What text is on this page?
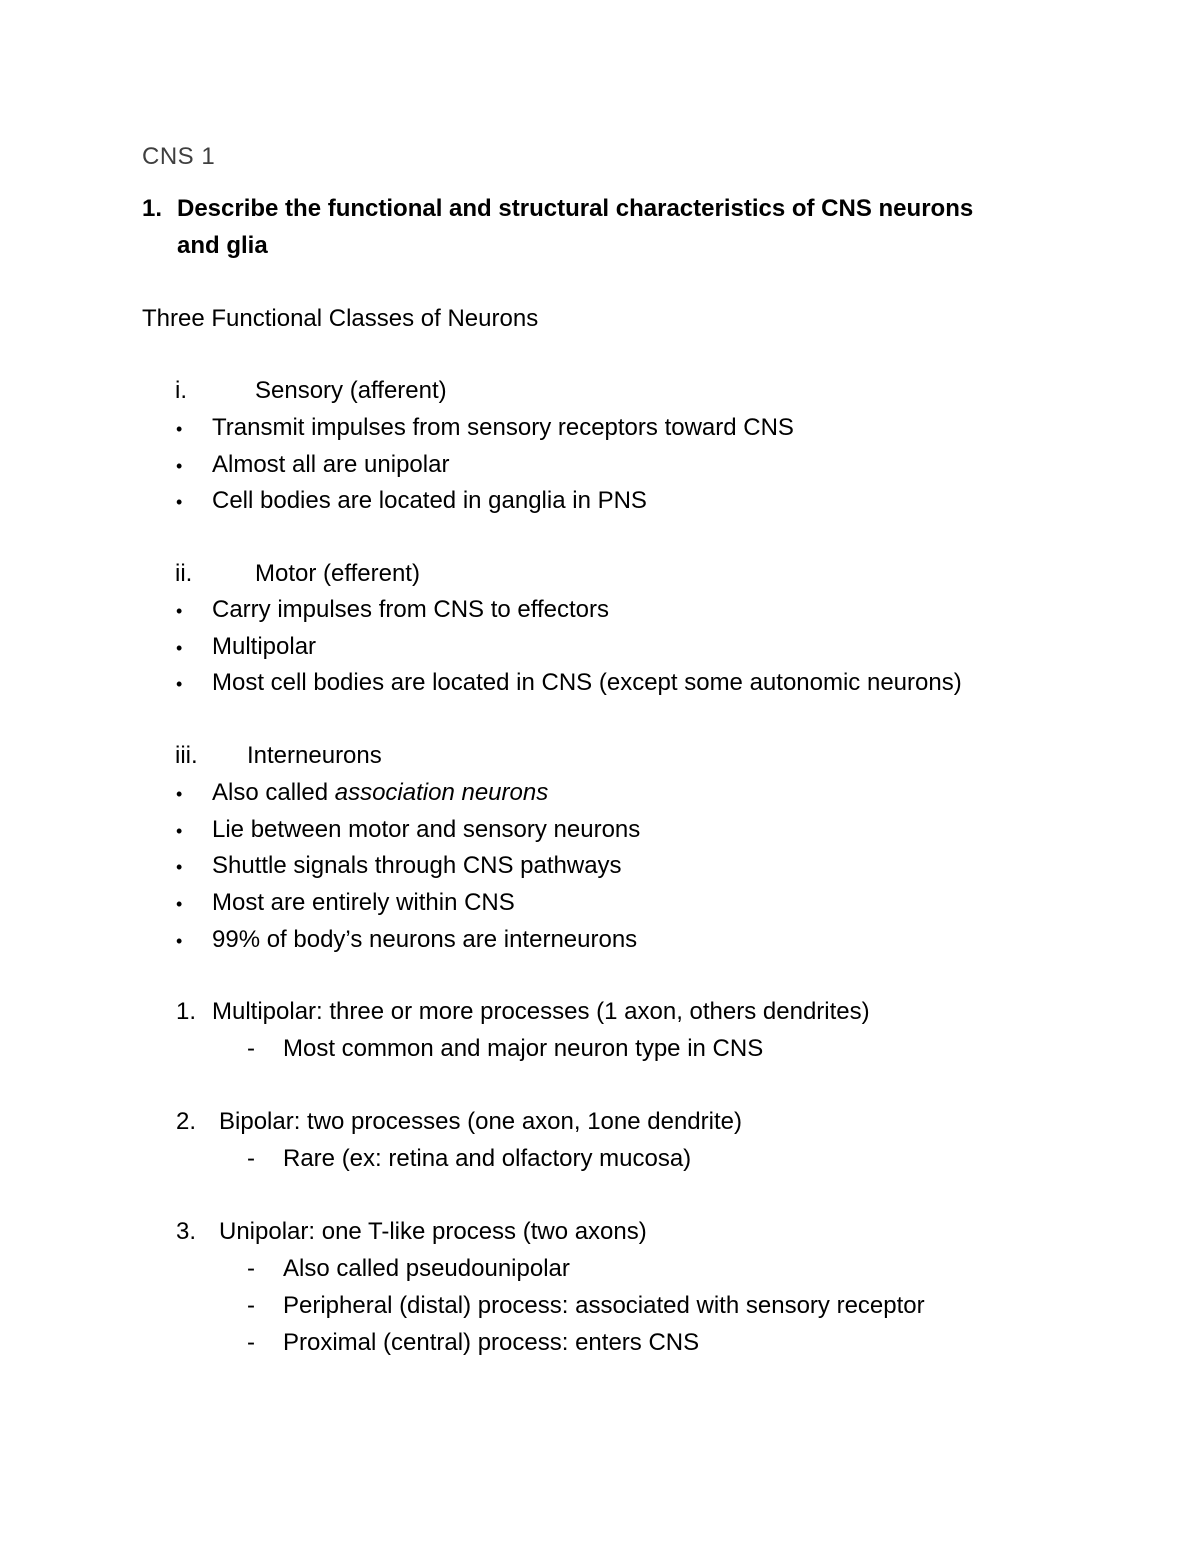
CNS 1
1. Describe the functional and structural characteristics of CNS neurons
and glia
Three Functional Classes of Neurons
i.	Sensory (afferent)
• Transmit impulses from sensory receptors toward CNS
• Almost all are unipolar
• Cell bodies are located in ganglia in PNS
ii.	Motor (efferent)
• Carry impulses from CNS to effectors
• Multipolar
• Most cell bodies are located in CNS (except some autonomic neurons)
iii. Interneurons
• Also called association neurons
• Lie between motor and sensory neurons
• Shuttle signals through CNS pathways
• Most are entirely within CNS
• 99% of body’s neurons are interneurons
1. Multipolar: three or more processes (1 axon, others dendrites)
- Most common and major neuron type in CNS
2. Bipolar: two processes (one axon, 1one dendrite)
- Rare (ex: retina and olfactory mucosa)
3. Unipolar: one T-like process (two axons)
- Also called pseudounipolar
- Peripheral (distal) process: associated with sensory receptor
- Proximal (central) process: enters CNS
